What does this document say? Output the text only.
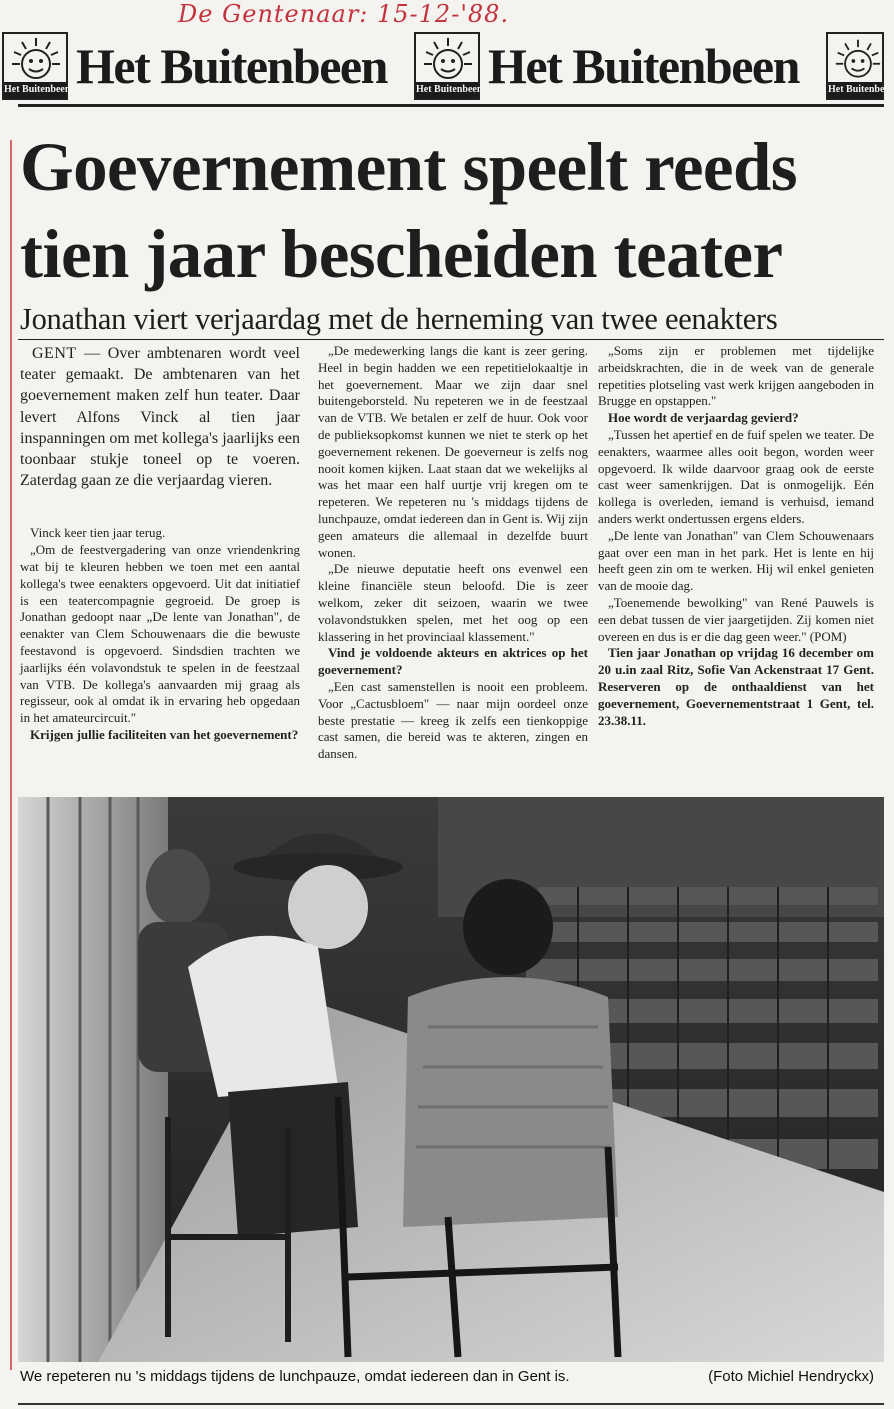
De Gentenaar: 15-12-'88.
Het Buitenbeen Het Buitenbeen	Het Buitenbeen Het Buitenbeen	Het Buitenbeen
Goevernement speelt reeds
tien jaar bescheiden teater
Jonathan viert verjaardag met de herneming van twee eenakters

GENT — Over ambtenaren wordt veel teater gemaakt. De ambtenaren van het goevernement maken zelf hun teater. Daar levert Alfons Vinck al tien jaar inspanningen om met kollega's jaarlijks een toonbaar stukje toneel op te voeren. Zaterdag gaan ze die verjaardag vieren.

Vinck keer tien jaar terug.

„Om de feestvergadering van onze vriendenkring wat bij te kleuren hebben we toen met een aantal kollega's twee eenakters opgevoerd. Uit dat initiatief is een teatercompagnie gegroeid. De groep is Jonathan gedoopt naar „De lente van Jonathan", de eenakter van Clem Schouwenaars die die bewuste feestavond is opgevoerd. Sindsdien trachten we jaarlijks één volavondstuk te spelen in de feestzaal van VTB. De kollega's aanvaarden mij graag als regisseur, ook al omdat ik in ervaring heb opgedaan in het amateurcircuit."

Krijgen jullie faciliteiten van het goevernement?

„De medewerking langs die kant is zeer gering. Heel in begin hadden we een repetitielokaaltje in het goevernement. Maar we zijn daar snel buitengeborsteld. Nu repeteren we in de feestzaal van de VTB. We betalen er zelf de huur. Ook voor de publieksopkomst kunnen we niet te sterk op het goevernement rekenen. De goeverneur is zelfs nog nooit komen kijken. Laat staan dat we wekelijks al was het maar een half uurtje vrij kregen om te repeteren. We repeteren nu 's middags tijdens de lunchpauze, omdat iedereen dan in Gent is. Wij zijn geen amateurs die allemaal in dezelfde buurt wonen.

„De nieuwe deputatie heeft ons evenwel een kleine financiële steun beloofd. Die is zeer welkom, zeker dit seizoen, waarin we twee volavondstukken spelen, met het oog op een klassering in het provinciaal klassement."

Vind je voldoende akteurs en aktrices op het goevernement?

„Een cast samenstellen is nooit een probleem. Voor „Cactusbloem" — naar mijn oordeel onze beste prestatie — kreeg ik zelfs een tienkoppige cast samen, die bereid was te akteren, zingen en dansen.

„Soms zijn er problemen met tijdelijke arbeidskrachten, die in de week van de generale repetities plotseling vast werk krijgen aangeboden in Brugge en opstappen."

Hoe wordt de verjaardag gevierd?

„Tussen het apertief en de fuif spelen we teater. De eenakters, waarmee alles ooit begon, worden weer opgevoerd. Ik wilde daarvoor graag ook de eerste cast weer samenkrijgen. Dat is onmogelijk. Eén kollega is overleden, iemand is verhuisd, iemand anders werkt ondertussen ergens elders.

„De lente van Jonathan" van Clem Schouwenaars gaat over een man in het park. Het is lente en hij heeft geen zin om te werken. Hij wil enkel genieten van de mooie dag.

„Toenemende bewolking" van René Pauwels is een debat tussen de vier jaargetijden. Zij komen niet overeen en dus is er die dag geen weer." (POM)

Tien jaar Jonathan op vrijdag 16 december om 20 u.in zaal Ritz, Sofie Van Ackenstraat 17 Gent. Reserveren op de onthaaldienst van het goevernement, Goevernementstraat 1 Gent, tel. 23.38.11.

We repeteren nu 's middags tijdens de lunchpauze, omdat iedereen dan in Gent is.	(Foto Michiel Hendryckx)
